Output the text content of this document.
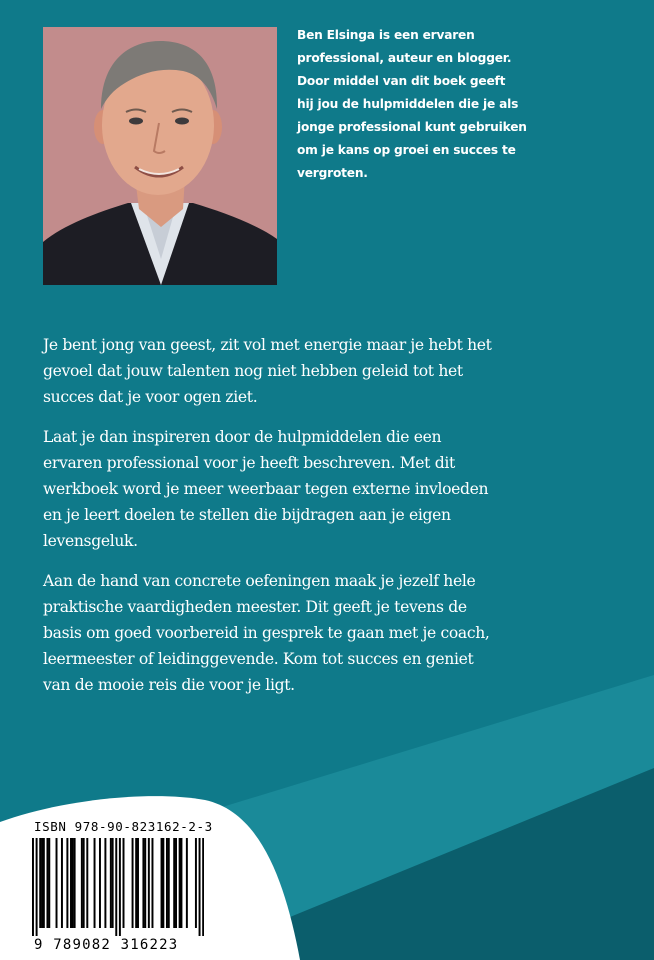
Ben Elsinga is een ervaren
professional, auteur en blogger.
Door middel van dit boek geeft
hij jou de hulpmiddelen die je als
jonge professional kunt gebruiken
om je kans op groei en succes te
vergroten.

Je bent jong van geest, zit vol met energie maar je hebt het
gevoel dat jouw talenten nog niet hebben geleid tot het
succes dat je voor ogen ziet.

Laat je dan inspireren door de hulpmiddelen die een
ervaren professional voor je heeft beschreven. Met dit
werkboek word je meer weerbaar tegen externe invloeden
en je leert doelen te stellen die bijdragen aan je eigen
levensgeluk.

Aan de hand van concrete oefeningen maak je jezelf hele
praktische vaardigheden meester. Dit geeft je tevens de
basis om goed voorbereid in gesprek te gaan met je coach,
leermeester of leidinggevende. Kom tot succes en geniet
van de mooie reis die voor je ligt.

ISBN 978-90-823162-2-3

9 789082 316223
